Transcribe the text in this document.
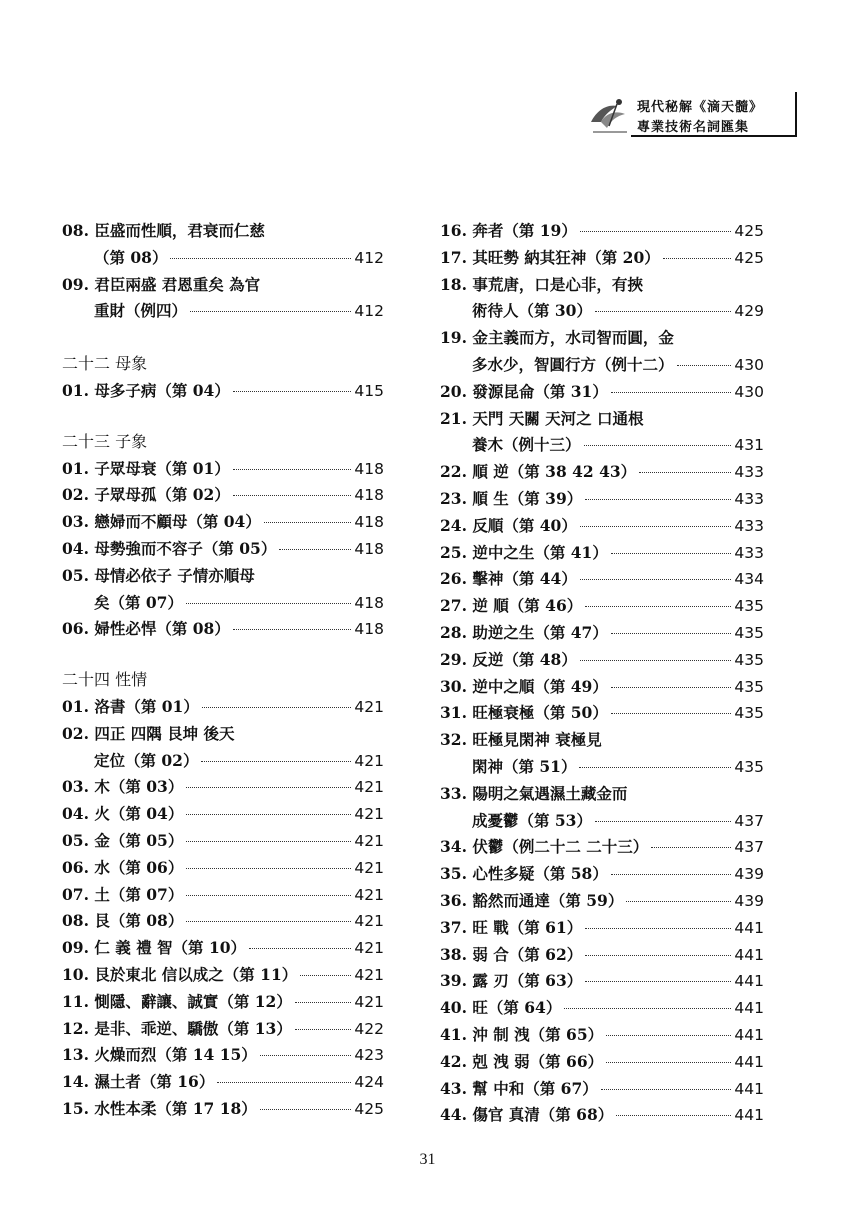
現代秘解《滴天髓》
專業技術名詞匯集
08. 臣盛而性順，君衰而仁慈
（第 08）	412
09. 君臣兩盛 君恩重矣 為官
重財（例四）	412
二十二 母象
01. 母多子病（第 04）	415
二十三 子象
01. 子眾母衰（第 01）	418
02. 子眾母孤（第 02）	418
03. 戀婦而不顧母（第 04）	418
04. 母勢強而不容子（第 05）	418
05. 母情必依子 子情亦順母
矣（第 07）	418
06. 婦性必悍（第 08）	418
二十四 性情
01. 洛書（第 01）	421
02. 四正 四隅 艮坤 後天
定位（第 02）	421
03. 木（第 03）	421
04. 火（第 04）	421
05. 金（第 05）	421
06. 水（第 06）	421
07. 土（第 07）	421
08. 艮（第 08）	421
09. 仁 義 禮 智（第 10）	421
10. 艮於東北 信以成之（第 11）	421
11. 惻隱、辭讓、誠實（第 12）	421
12. 是非、乖逆、驕傲（第 13）	422
13. 火燥而烈（第 14 15）	423
14. 濕土者（第 16）	424
15. 水性本柔（第 17 18）	425
16. 奔者（第 19）	425
17. 其旺勢 納其狂神（第 20）	425
18. 事荒唐，口是心非，有挾
術待人（第 30）	429
19. 金主義而方，水司智而圓，金
多水少，智圓行方（例十二）	430
20. 發源昆侖（第 31）	430
21. 天門 天關 天河之 口通根
養木（例十三）	431
22. 順 逆（第 38 42 43）	433
23. 順 生（第 39）	433
24. 反順（第 40）	433
25. 逆中之生（第 41）	433
26. 擊神（第 44）	434
27. 逆 順（第 46）	435
28. 助逆之生（第 47）	435
29. 反逆（第 48）	435
30. 逆中之順（第 49）	435
31. 旺極衰極（第 50）	435
32. 旺極見閑神 衰極見
閑神（第 51）	435
33. 陽明之氣遇濕土藏金而
成憂鬱（第 53）	437
34. 伏鬱（例二十二 二十三）	437
35. 心性多疑（第 58）	439
36. 豁然而通達（第 59）	439
37. 旺 戰（第 61）	441
38. 弱 合（第 62）	441
39. 露 刃（第 63）	441
40. 旺（第 64）	441
41. 沖 制 洩（第 65）	441
42. 剋 洩 弱（第 66）	441
43. 幫 中和（第 67）	441
44. 傷官 真清（第 68）	441
31
